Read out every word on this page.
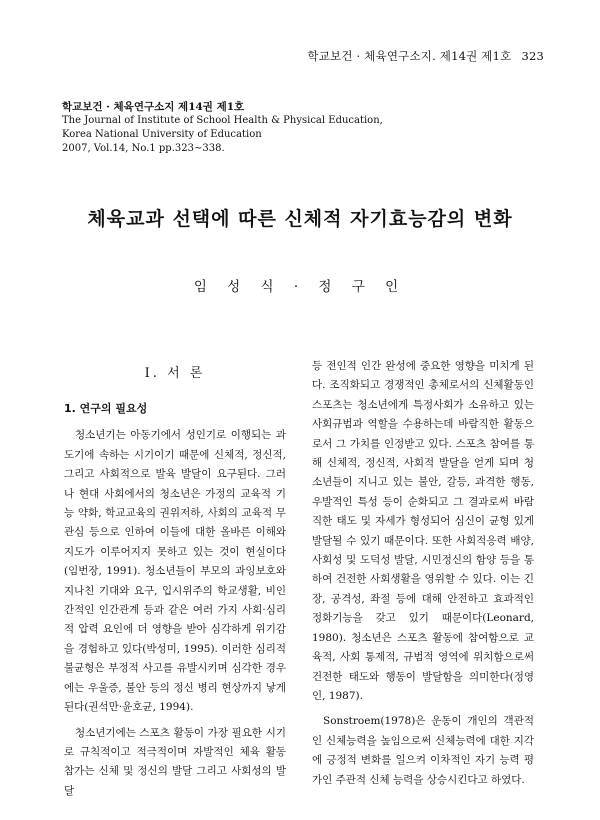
학교보건 · 체육연구소지. 제14권 제1호 323
학교보건 · 체육연구소지 제14권 제1호
The Journal of Institute of School Health & Physical Education,
Korea National University of Education
2007, Vol.14, No.1 pp.323∼338.
체육교과 선택에 따른 신체적 자기효능감의 변화
임 성 식 · 정 구 인
Ⅰ. 서 론
1. 연구의 필요성

청소년기는 아동기에서 성인기로 이행되는 과도기에 속하는 시기이기 때문에 신체적, 정신적, 그리고 사회적으로 발육 발달이 요구된다. 그러나 현대 사회에서의 청소년은 가정의 교육적 기능 약화, 학교교육의 권위저하, 사회의 교육적 무관심 등으로 인하여 이들에 대한 올바른 이해와 지도가 이루어지지 못하고 있는 것이 현실이다(임번장, 1991). 청소년들이 부모의 과잉보호와 지나친 기대와 요구, 입시위주의 학교생활, 비인간적인 인간관계 등과 같은 여러 가지 사회·심리적 압력 요인에 더 영향을 받아 심각하게 위기감을 경험하고 있다(박성미, 1995). 이러한 심리적 불균형은 부정적 사고를 유발시키며 심각한 경우에는 우울증, 불안 등의 정신 병리 현상까지 낳게 된다(권석만·윤호균, 1994).

청소년기에는 스포츠 활동이 가장 필요한 시기로 규칙적이고 적극적이며 자발적인 체육 활동 참가는 신체 및 정신의 발달 그리고 사회성의 발달

등 전인적 인간 완성에 중요한 영향을 미치게 된다. 조직화되고 경쟁적인 총체로서의 신체활동인 스포츠는 청소년에게 특정사회가 소유하고 있는 사회규범과 역할을 수용하는데 바람직한 활동으로서 그 가치를 인정받고 있다. 스포츠 참여를 통해 신체적, 정신적, 사회적 발달을 얻게 되며 청소년들이 지니고 있는 불안, 갈등, 과격한 행동, 우발적인 특성 등이 순화되고 그 결과로써 바람직한 태도 및 자세가 형성되어 심신이 균형 있게 발달될 수 있기 때문이다. 또한 사회적응력 배양, 사회성 및 도덕성 발달, 시민정신의 함양 등을 통하여 건전한 사회생활을 영위할 수 있다. 이는 긴장, 공격성, 좌절 등에 대해 안전하고 효과적인 정화기능을 갖고 있기 때문이다(Leonard, 1980). 청소년은 스포츠 활동에 참여함으로 교육적, 사회 통제적, 규범적 영역에 위치함으로써 건전한 태도와 행동이 발달함을 의미한다(정영인, 1987).

Sonstroem(1978)은 운동이 개인의 객관적인 신체능력을 높임으로써 신체능력에 대한 지각에 긍정적 변화를 일으켜 이차적인 자기 능력 평가인 주관적 신체 능력을 상승시킨다고 하였다.
